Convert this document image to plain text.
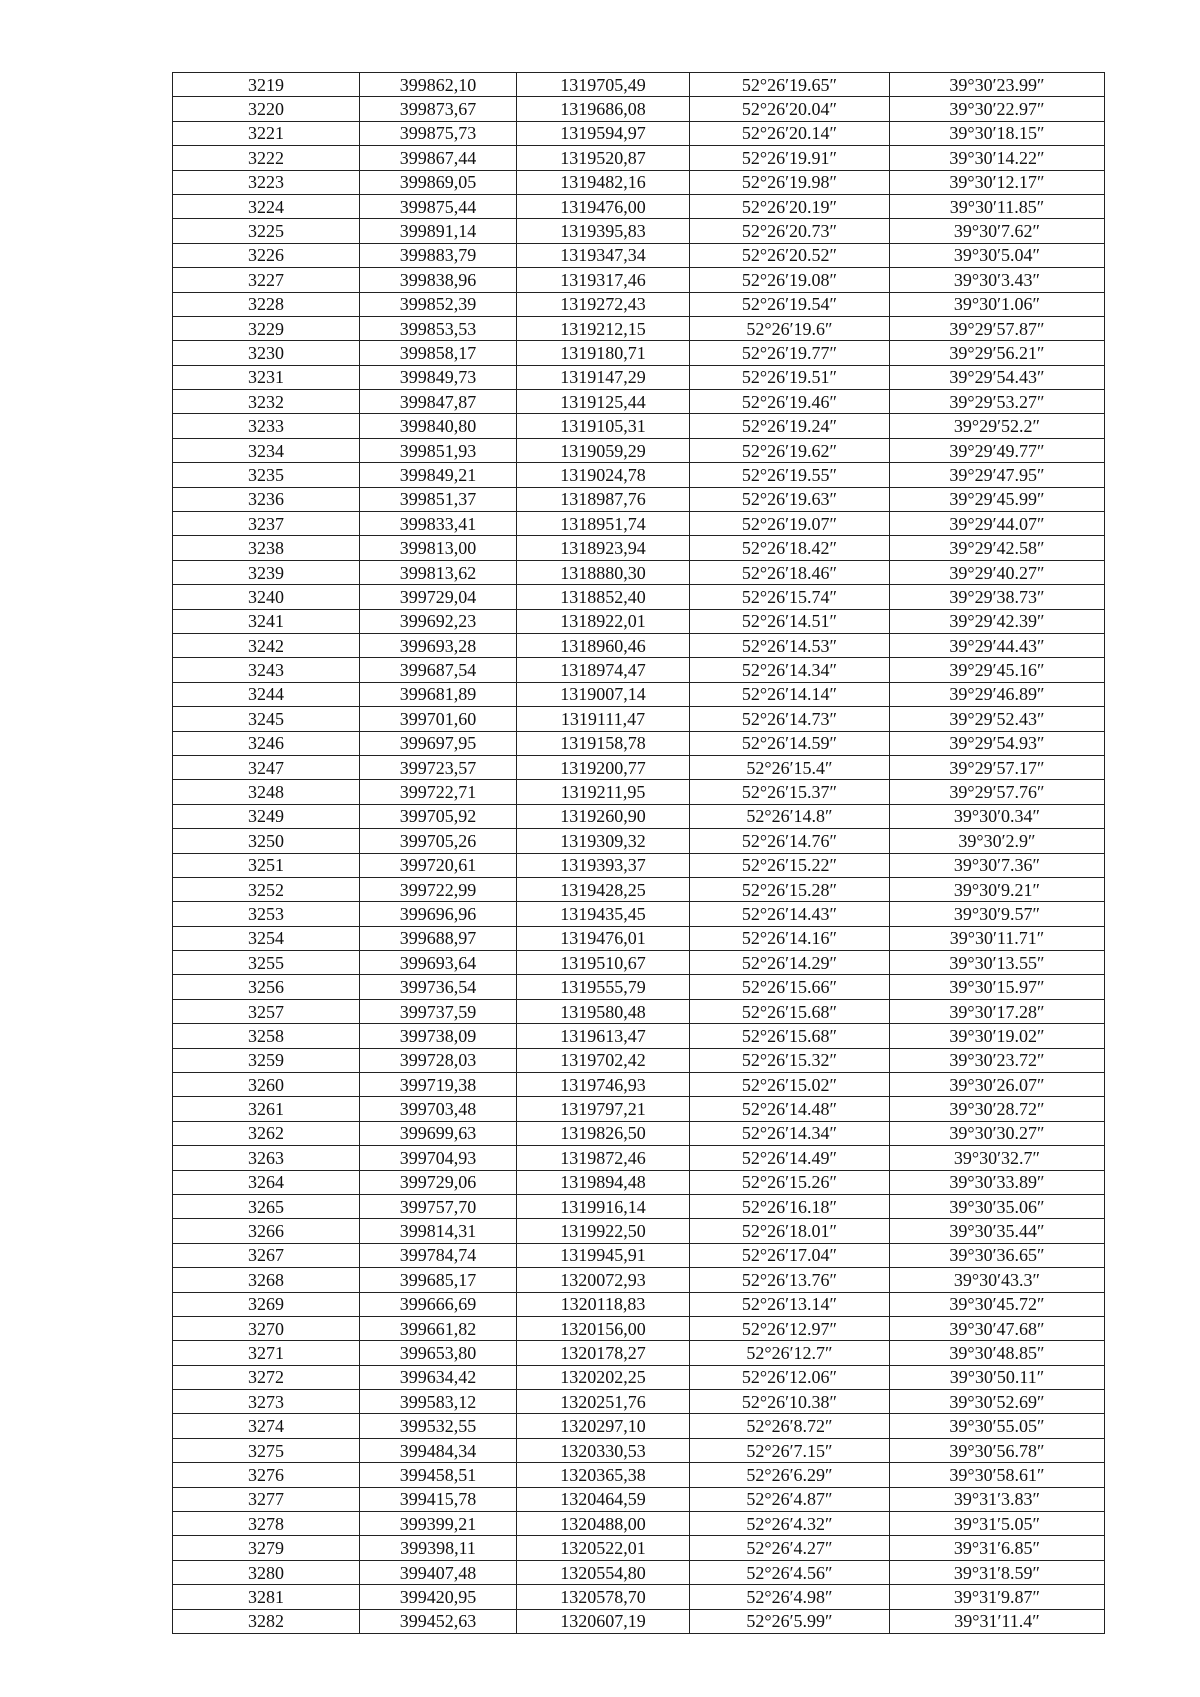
3219	399862,10	1319705,49	52°26′19.65″	39°30′23.99″
3220	399873,67	1319686,08	52°26′20.04″	39°30′22.97″
3221	399875,73	1319594,97	52°26′20.14″	39°30′18.15″
3222	399867,44	1319520,87	52°26′19.91″	39°30′14.22″
3223	399869,05	1319482,16	52°26′19.98″	39°30′12.17″
3224	399875,44	1319476,00	52°26′20.19″	39°30′11.85″
3225	399891,14	1319395,83	52°26′20.73″	39°30′7.62″
3226	399883,79	1319347,34	52°26′20.52″	39°30′5.04″
3227	399838,96	1319317,46	52°26′19.08″	39°30′3.43″
3228	399852,39	1319272,43	52°26′19.54″	39°30′1.06″
3229	399853,53	1319212,15	52°26′19.6″	39°29′57.87″
3230	399858,17	1319180,71	52°26′19.77″	39°29′56.21″
3231	399849,73	1319147,29	52°26′19.51″	39°29′54.43″
3232	399847,87	1319125,44	52°26′19.46″	39°29′53.27″
3233	399840,80	1319105,31	52°26′19.24″	39°29′52.2″
3234	399851,93	1319059,29	52°26′19.62″	39°29′49.77″
3235	399849,21	1319024,78	52°26′19.55″	39°29′47.95″
3236	399851,37	1318987,76	52°26′19.63″	39°29′45.99″
3237	399833,41	1318951,74	52°26′19.07″	39°29′44.07″
3238	399813,00	1318923,94	52°26′18.42″	39°29′42.58″
3239	399813,62	1318880,30	52°26′18.46″	39°29′40.27″
3240	399729,04	1318852,40	52°26′15.74″	39°29′38.73″
3241	399692,23	1318922,01	52°26′14.51″	39°29′42.39″
3242	399693,28	1318960,46	52°26′14.53″	39°29′44.43″
3243	399687,54	1318974,47	52°26′14.34″	39°29′45.16″
3244	399681,89	1319007,14	52°26′14.14″	39°29′46.89″
3245	399701,60	1319111,47	52°26′14.73″	39°29′52.43″
3246	399697,95	1319158,78	52°26′14.59″	39°29′54.93″
3247	399723,57	1319200,77	52°26′15.4″	39°29′57.17″
3248	399722,71	1319211,95	52°26′15.37″	39°29′57.76″
3249	399705,92	1319260,90	52°26′14.8″	39°30′0.34″
3250	399705,26	1319309,32	52°26′14.76″	39°30′2.9″
3251	399720,61	1319393,37	52°26′15.22″	39°30′7.36″
3252	399722,99	1319428,25	52°26′15.28″	39°30′9.21″
3253	399696,96	1319435,45	52°26′14.43″	39°30′9.57″
3254	399688,97	1319476,01	52°26′14.16″	39°30′11.71″
3255	399693,64	1319510,67	52°26′14.29″	39°30′13.55″
3256	399736,54	1319555,79	52°26′15.66″	39°30′15.97″
3257	399737,59	1319580,48	52°26′15.68″	39°30′17.28″
3258	399738,09	1319613,47	52°26′15.68″	39°30′19.02″
3259	399728,03	1319702,42	52°26′15.32″	39°30′23.72″
3260	399719,38	1319746,93	52°26′15.02″	39°30′26.07″
3261	399703,48	1319797,21	52°26′14.48″	39°30′28.72″
3262	399699,63	1319826,50	52°26′14.34″	39°30′30.27″
3263	399704,93	1319872,46	52°26′14.49″	39°30′32.7″
3264	399729,06	1319894,48	52°26′15.26″	39°30′33.89″
3265	399757,70	1319916,14	52°26′16.18″	39°30′35.06″
3266	399814,31	1319922,50	52°26′18.01″	39°30′35.44″
3267	399784,74	1319945,91	52°26′17.04″	39°30′36.65″
3268	399685,17	1320072,93	52°26′13.76″	39°30′43.3″
3269	399666,69	1320118,83	52°26′13.14″	39°30′45.72″
3270	399661,82	1320156,00	52°26′12.97″	39°30′47.68″
3271	399653,80	1320178,27	52°26′12.7″	39°30′48.85″
3272	399634,42	1320202,25	52°26′12.06″	39°30′50.11″
3273	399583,12	1320251,76	52°26′10.38″	39°30′52.69″
3274	399532,55	1320297,10	52°26′8.72″	39°30′55.05″
3275	399484,34	1320330,53	52°26′7.15″	39°30′56.78″
3276	399458,51	1320365,38	52°26′6.29″	39°30′58.61″
3277	399415,78	1320464,59	52°26′4.87″	39°31′3.83″
3278	399399,21	1320488,00	52°26′4.32″	39°31′5.05″
3279	399398,11	1320522,01	52°26′4.27″	39°31′6.85″
3280	399407,48	1320554,80	52°26′4.56″	39°31′8.59″
3281	399420,95	1320578,70	52°26′4.98″	39°31′9.87″
3282	399452,63	1320607,19	52°26′5.99″	39°31′11.4″
